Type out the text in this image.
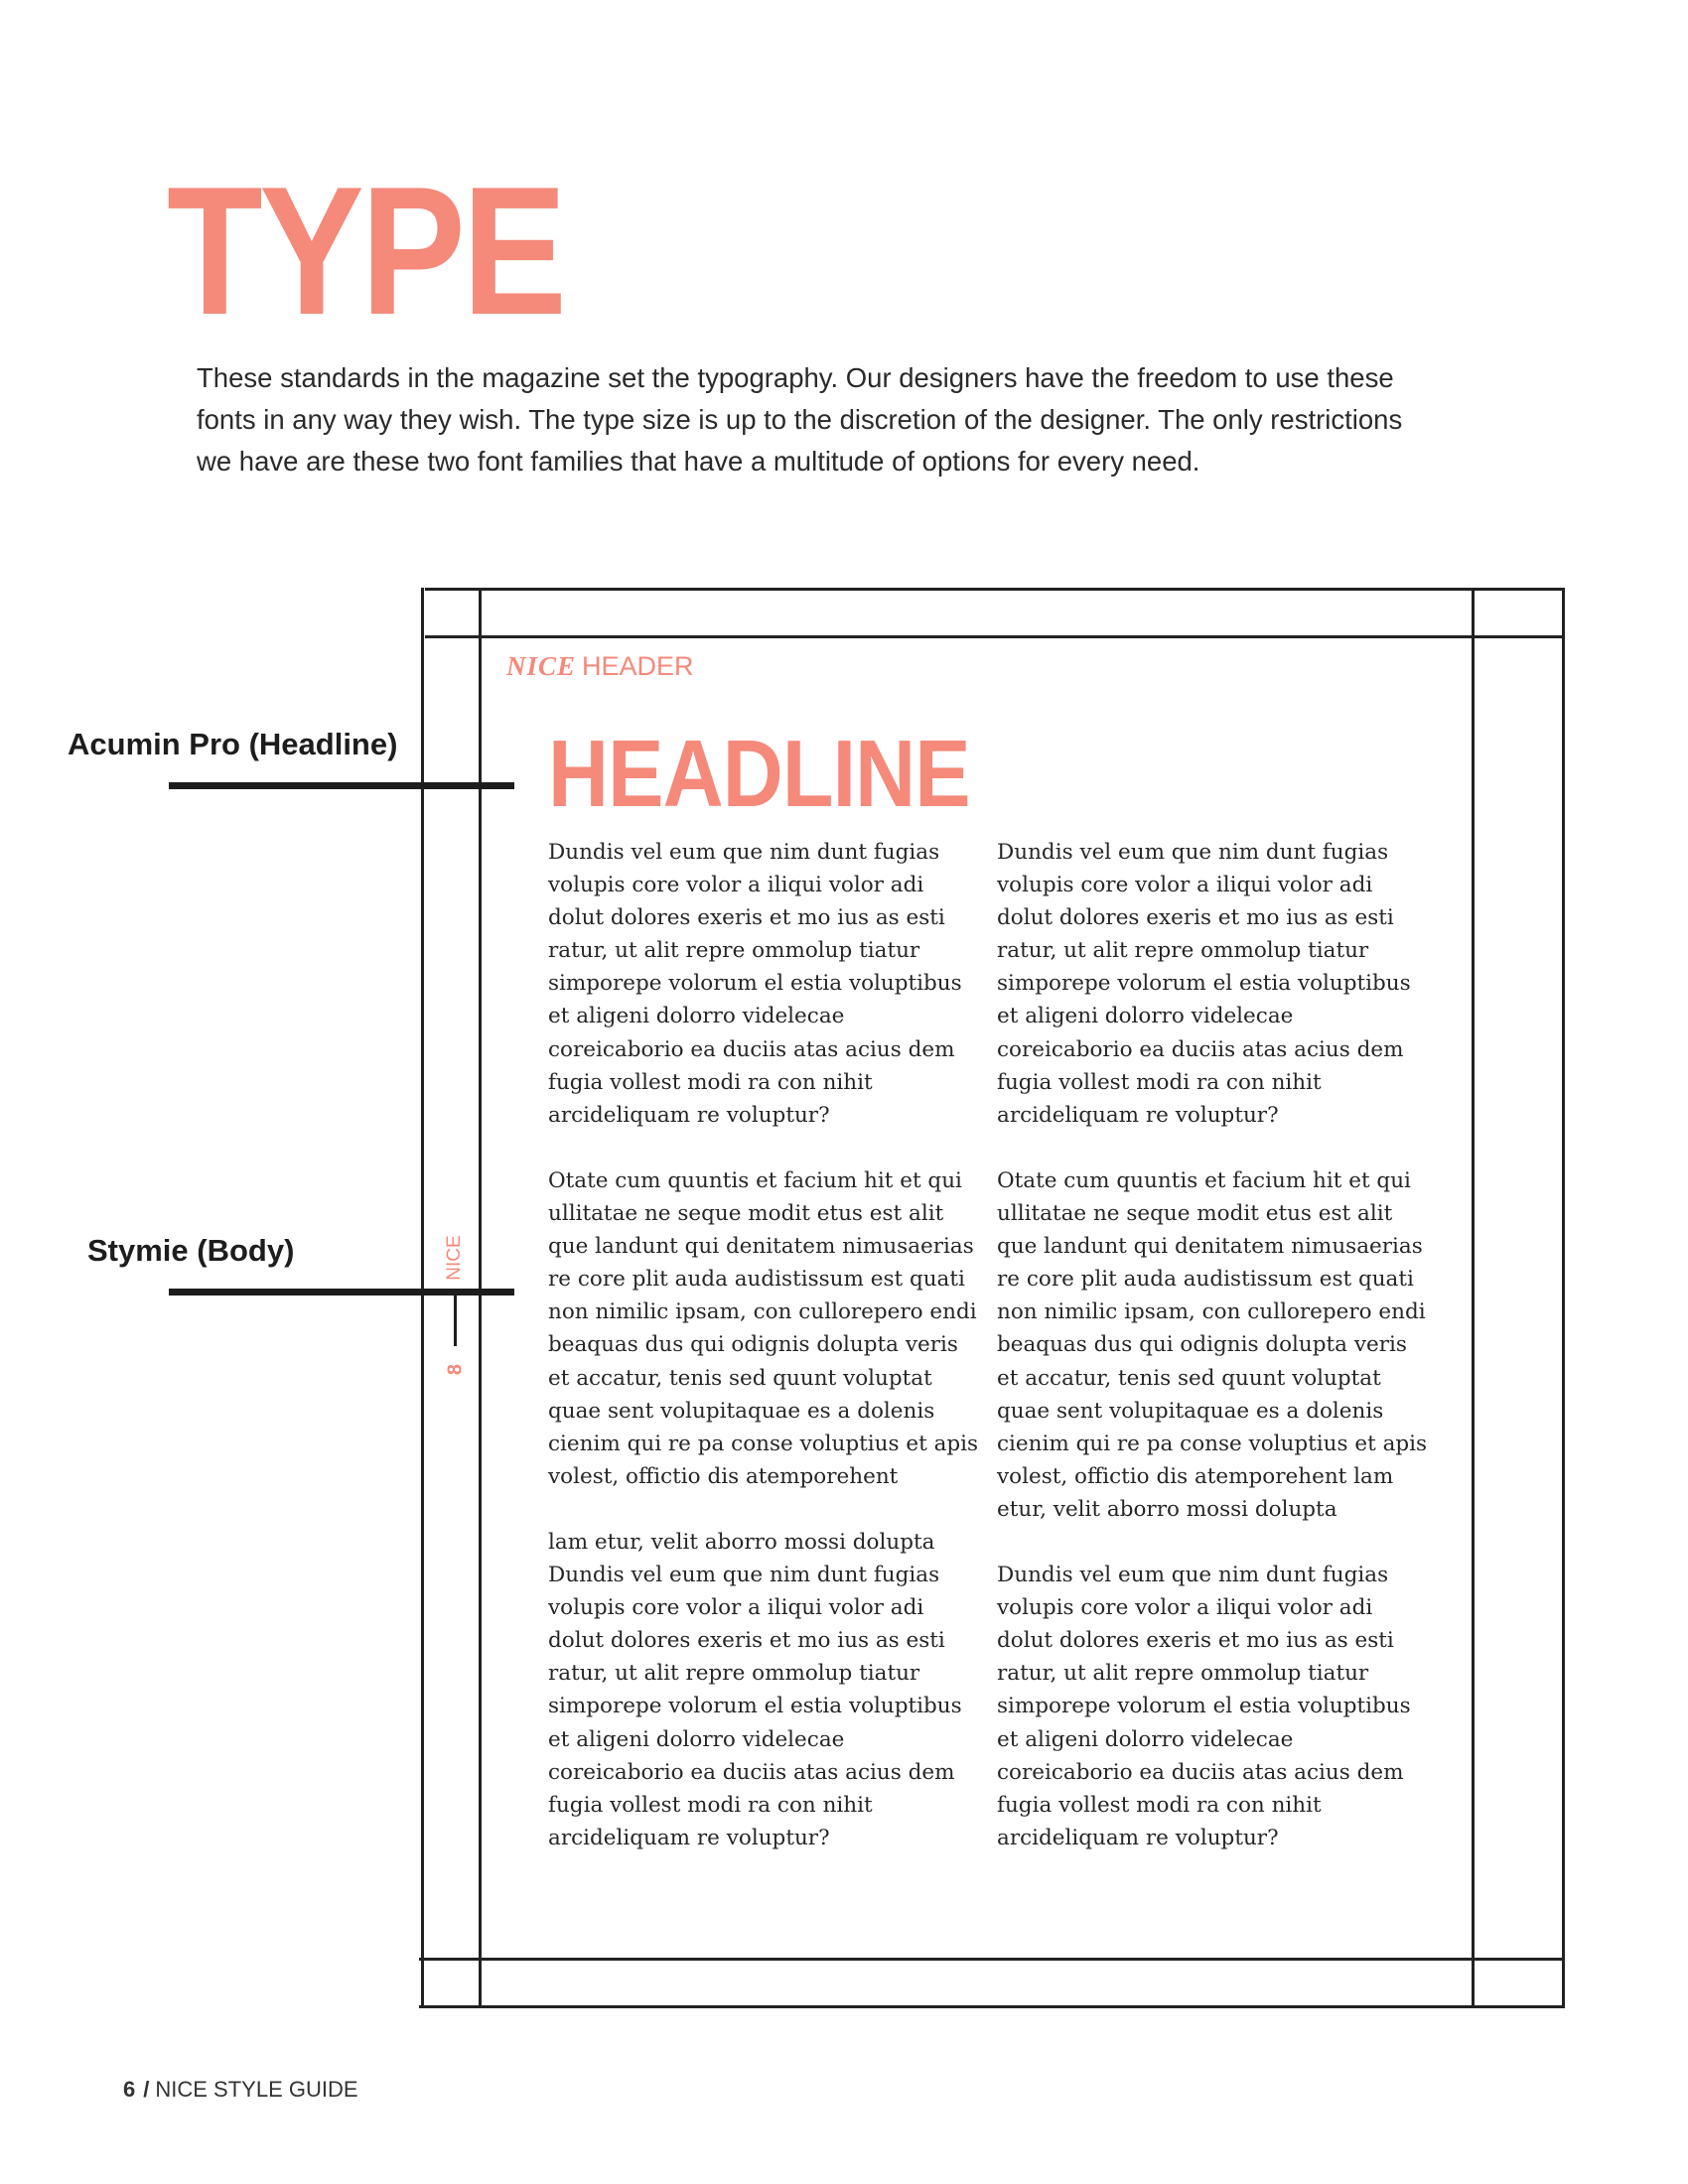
TYPE

These standards in the magazine set the typography. Our designers have the freedom to use these fonts in any way they wish. The type size is up to the discretion of the designer. The only restrictions we have are these two font families that have a multitude of options for every need.

NICE HEADER
HEADLINE
NICE
8

Dundis vel eum que nim dunt fugias volupis core volor a iliqui volor adi dolut dolores exeris et mo ius as esti ratur, ut alit repre ommolup tiatur simporepe volorum el estia voluptibus et aligeni dolorro videlecae coreicaborio ea duciis atas acius dem fugia vollest modi ra con nihit arcideliquam re voluptur?

Otate cum quuntis et facium hit et qui ullitatae ne seque modit etus est alit que landunt qui denitatem nimusaerias re core plit auda audistissum est quati non nimilic ipsam, con cullorepero endi beaquas dus qui odignis dolupta veris et accatur, tenis sed quunt voluptat quae sent volupitaquae es a dolenis cienim qui re pa conse voluptius et apis volest, offictio dis atemporehent

lam etur, velit aborro mossi dolupta

Dundis vel eum que nim dunt fugias volupis core volor a iliqui volor adi dolut dolores exeris et mo ius as esti ratur, ut alit repre ommolup tiatur simporepe volorum el estia voluptibus et aligeni dolorro videlecae coreicaborio ea duciis atas acius dem fugia vollest modi ra con nihit arcideliquam re voluptur?

Dundis vel eum que nim dunt fugias volupis core volor a iliqui volor adi dolut dolores exeris et mo ius as esti ratur, ut alit repre ommolup tiatur simporepe volorum el estia voluptibus et aligeni dolorro videlecae coreicaborio ea duciis atas acius dem fugia vollest modi ra con nihit arcideliquam re voluptur?

Otate cum quuntis et facium hit et qui ullitatae ne seque modit etus est alit que landunt qui denitatem nimusaerias re core plit auda audistissum est quati non nimilic ipsam, con cullorepero endi beaquas dus qui odignis dolupta veris et accatur, tenis sed quunt voluptat quae sent volupitaquae es a dolenis cienim qui re pa conse voluptius et apis volest, offictio dis atemporehent lam etur, velit aborro mossi dolupta

Dundis vel eum que nim dunt fugias volupis core volor a iliqui volor adi dolut dolores exeris et mo ius as esti ratur, ut alit repre ommolup tiatur simporepe volorum el estia voluptibus et aligeni dolorro videlecae coreicaborio ea duciis atas acius dem fugia vollest modi ra con nihit arcideliquam re voluptur?

Acumin Pro (Headline)
Stymie (Body)
6 / NICE STYLE GUIDE
